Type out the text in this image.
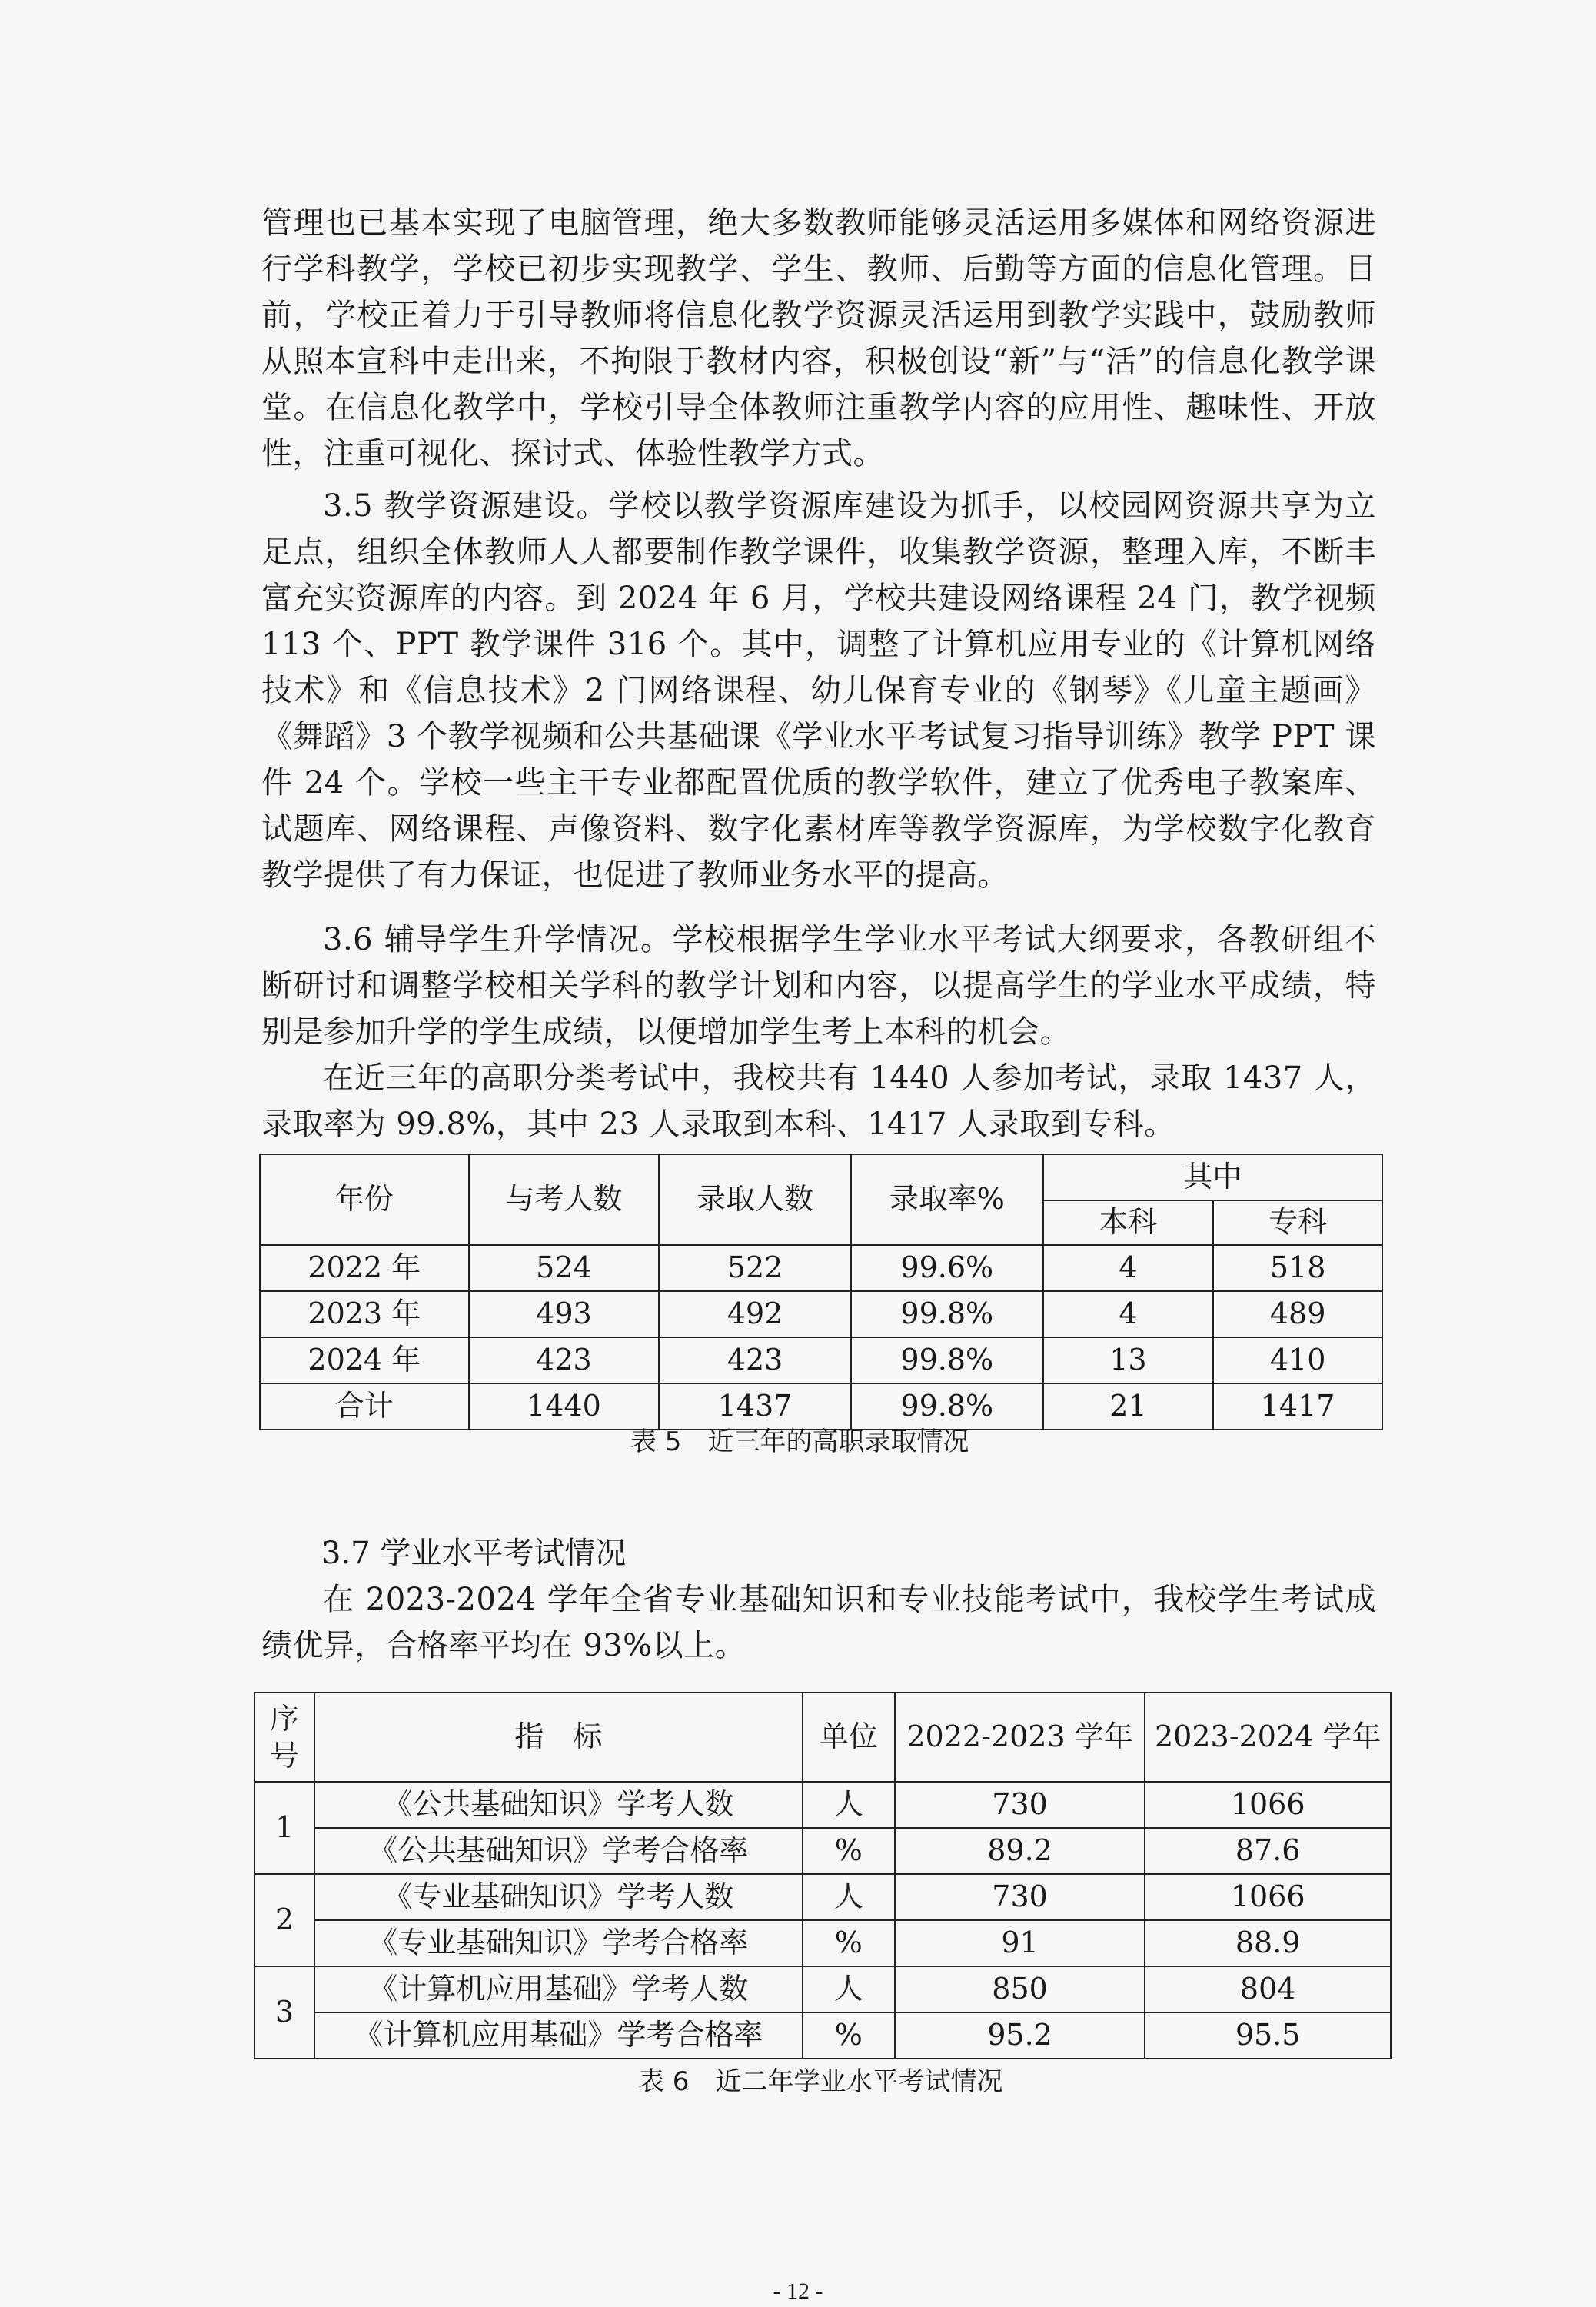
管理也已基本实现了电脑管理，绝大多数教师能够灵活运用多媒体和网络资源进行学科教学，学校已初步实现教学、学生、教师、后勤等方面的信息化管理。目前，学校正着力于引导教师将信息化教学资源灵活运用到教学实践中，鼓励教师从照本宣科中走出来，不拘限于教材内容，积极创设“新”与“活”的信息化教学课堂。在信息化教学中，学校引导全体教师注重教学内容的应用性、趣味性、开放性，注重可视化、探讨式、体验性教学方式。

3.5 教学资源建设。学校以教学资源库建设为抓手，以校园网资源共享为立足点，组织全体教师人人都要制作教学课件，收集教学资源，整理入库，不断丰富充实资源库的内容。到 2024 年 6 月，学校共建设网络课程 24 门，教学视频 113 个、PPT 教学课件 316 个。其中，调整了计算机应用专业的《计算机网络技术》和《信息技术》2 门网络课程、幼儿保育专业的《钢琴》《儿童主题画》《舞蹈》3 个教学视频和公共基础课《学业水平考试复习指导训练》教学 PPT 课件 24 个。学校一些主干专业都配置优质的教学软件，建立了优秀电子教案库、试题库、网络课程、声像资料、数字化素材库等教学资源库，为学校数字化教育教学提供了有力保证，也促进了教师业务水平的提高。

3.6 辅导学生升学情况。学校根据学生学业水平考试大纲要求，各教研组不断研讨和调整学校相关学科的教学计划和内容，以提高学生的学业水平成绩，特别是参加升学的学生成绩，以便增加学生考上本科的机会。

在近三年的高职分类考试中，我校共有 1440 人参加考试，录取 1437 人，录取率为 99.8%，其中 23 人录取到本科、1417 人录取到专科。

年份	与考人数	录取人数	录取率%	其中	
				本科	专科
2022 年	524	522	99.6%	4	518
2023 年	493	492	99.8%	4	489
2024 年	423	423	99.8%	13	410
合计	1440	1437	99.8%	21	1417
表 5　近三年的高职录取情况

3.7 学业水平考试情况

在 2023-2024 学年全省专业基础知识和专业技能考试中，我校学生考试成绩优异，合格率平均在 93%以上。

序号	指　标	单位	2022-2023 学年	2023-2024 学年
1	《公共基础知识》学考人数	人	730	1066
	《公共基础知识》学考合格率	%	89.2	87.6
2	《专业基础知识》学考人数	人	730	1066
	《专业基础知识》学考合格率	%	91	88.9
3	《计算机应用基础》学考人数	人	850	804
	《计算机应用基础》学考合格率	%	95.2	95.5
表 6　近二年学业水平考试情况
- 12 -
